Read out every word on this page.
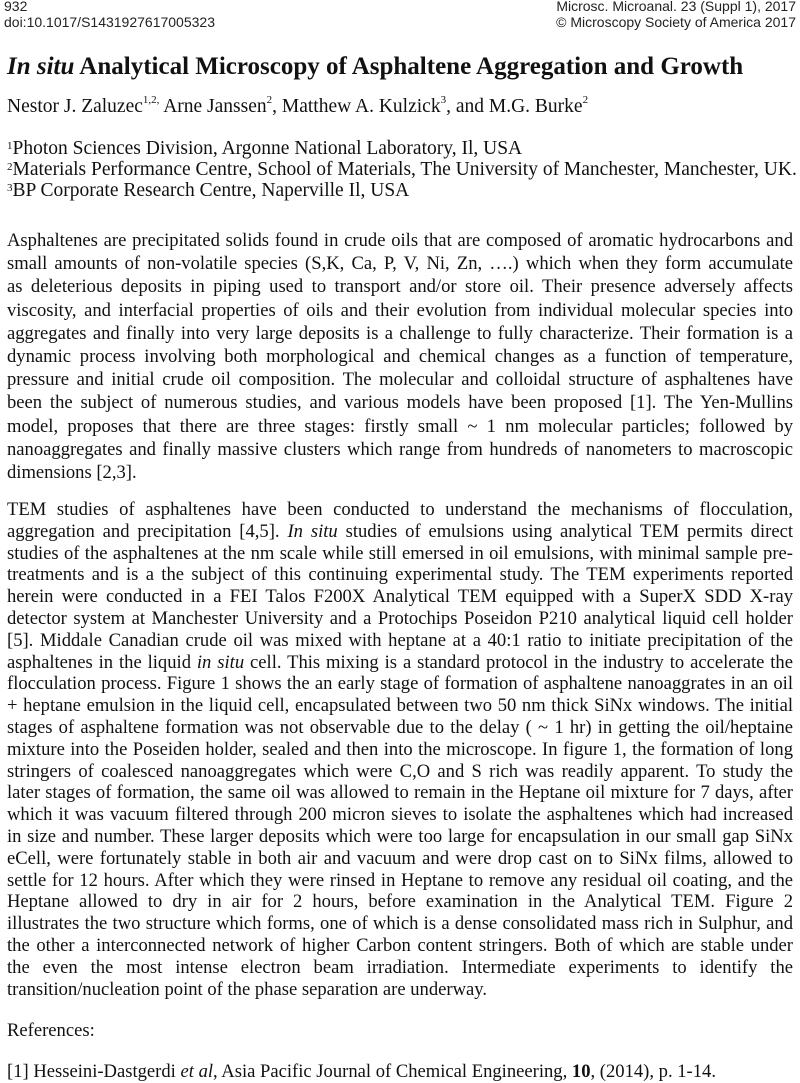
932
doi:10.1017/S1431927617005323
Microsc. Microanal. 23 (Suppl 1), 2017
© Microscopy Society of America 2017
In situ Analytical Microscopy of Asphaltene Aggregation and Growth
Nestor J. Zaluzec$^{1,2,}$ Arne Janssen$^2$, Matthew A. Kulzick$^3$, and M.G. Burke$^2$
$^1$Photon Sciences Division, Argonne National Laboratory, Il, USA
$^2$Materials Performance Centre, School of Materials, The University of Manchester, Manchester, UK.
$^3$BP Corporate Research Centre, Naperville Il, USA
Asphaltenes are precipitated solids found in crude oils that are composed of aromatic hydrocarbons and
small amounts of non-volatile species (S,K, Ca, P, V, Ni, Zn, ….) which when they form accumulate
as deleterious deposits in piping used to transport and/or store oil. Their presence adversely affects
viscosity, and interfacial properties of oils and their evolution from individual molecular species into
aggregates and finally into very large deposits is a challenge to fully characterize. Their formation is a
dynamic process involving both morphological and chemical changes as a function of temperature,
pressure and initial crude oil composition. The molecular and colloidal structure of asphaltenes have
been the subject of numerous studies, and various models have been proposed [1]. The Yen-Mullins
model, proposes that there are three stages: firstly small ~ 1 nm molecular particles; followed by
nanoaggregates and finally massive clusters which range from hundreds of nanometers to macroscopic
dimensions [2,3].
TEM studies of asphaltenes have been conducted to understand the mechanisms of flocculation,
aggregation and precipitation [4,5]. In situ studies of emulsions using analytical TEM permits direct
studies of the asphaltenes at the nm scale while still emersed in oil emulsions, with minimal sample pre-
treatments and is a the subject of this continuing experimental study. The TEM experiments reported
herein were conducted in a FEI Talos F200X Analytical TEM equipped with a SuperX SDD X-ray
detector system at Manchester University and a Protochips Poseidon P210 analytical liquid cell holder
[5]. Middale Canadian crude oil was mixed with heptane at a 40:1 ratio to initiate precipitation of the
asphaltenes in the liquid in situ cell. This mixing is a standard protocol in the industry to accelerate the
flocculation process. Figure 1 shows the an early stage of formation of asphaltene nanoaggrates in an oil
+ heptane emulsion in the liquid cell, encapsulated between two 50 nm thick SiNx windows. The initial
stages of asphaltene formation was not observable due to the delay ( ~ 1 hr) in getting the oil/heptaine
mixture into the Poseiden holder, sealed and then into the microscope. In figure 1, the formation of long
stringers of coalesced nanoaggregates which were C,O and S rich was readily apparent. To study the
later stages of formation, the same oil was allowed to remain in the Heptane oil mixture for 7 days, after
which it was vacuum filtered through 200 micron sieves to isolate the asphaltenes which had increased
in size and number. These larger deposits which were too large for encapsulation in our small gap SiNx
eCell, were fortunately stable in both air and vacuum and were drop cast on to SiNx films, allowed to
settle for 12 hours. After which they were rinsed in Heptane to remove any residual oil coating, and the
Heptane allowed to dry in air for 2 hours, before examination in the Analytical TEM. Figure 2
illustrates the two structure which forms, one of which is a dense consolidated mass rich in Sulphur, and
the other a interconnected network of higher Carbon content stringers. Both of which are stable under
the even the most intense electron beam irradiation. Intermediate experiments to identify the
transition/nucleation point of the phase separation are underway.
References:
[1] Hesseini-Dastgerdi et al, Asia Pacific Journal of Chemical Engineering, 10, (2014), p. 1-14.
